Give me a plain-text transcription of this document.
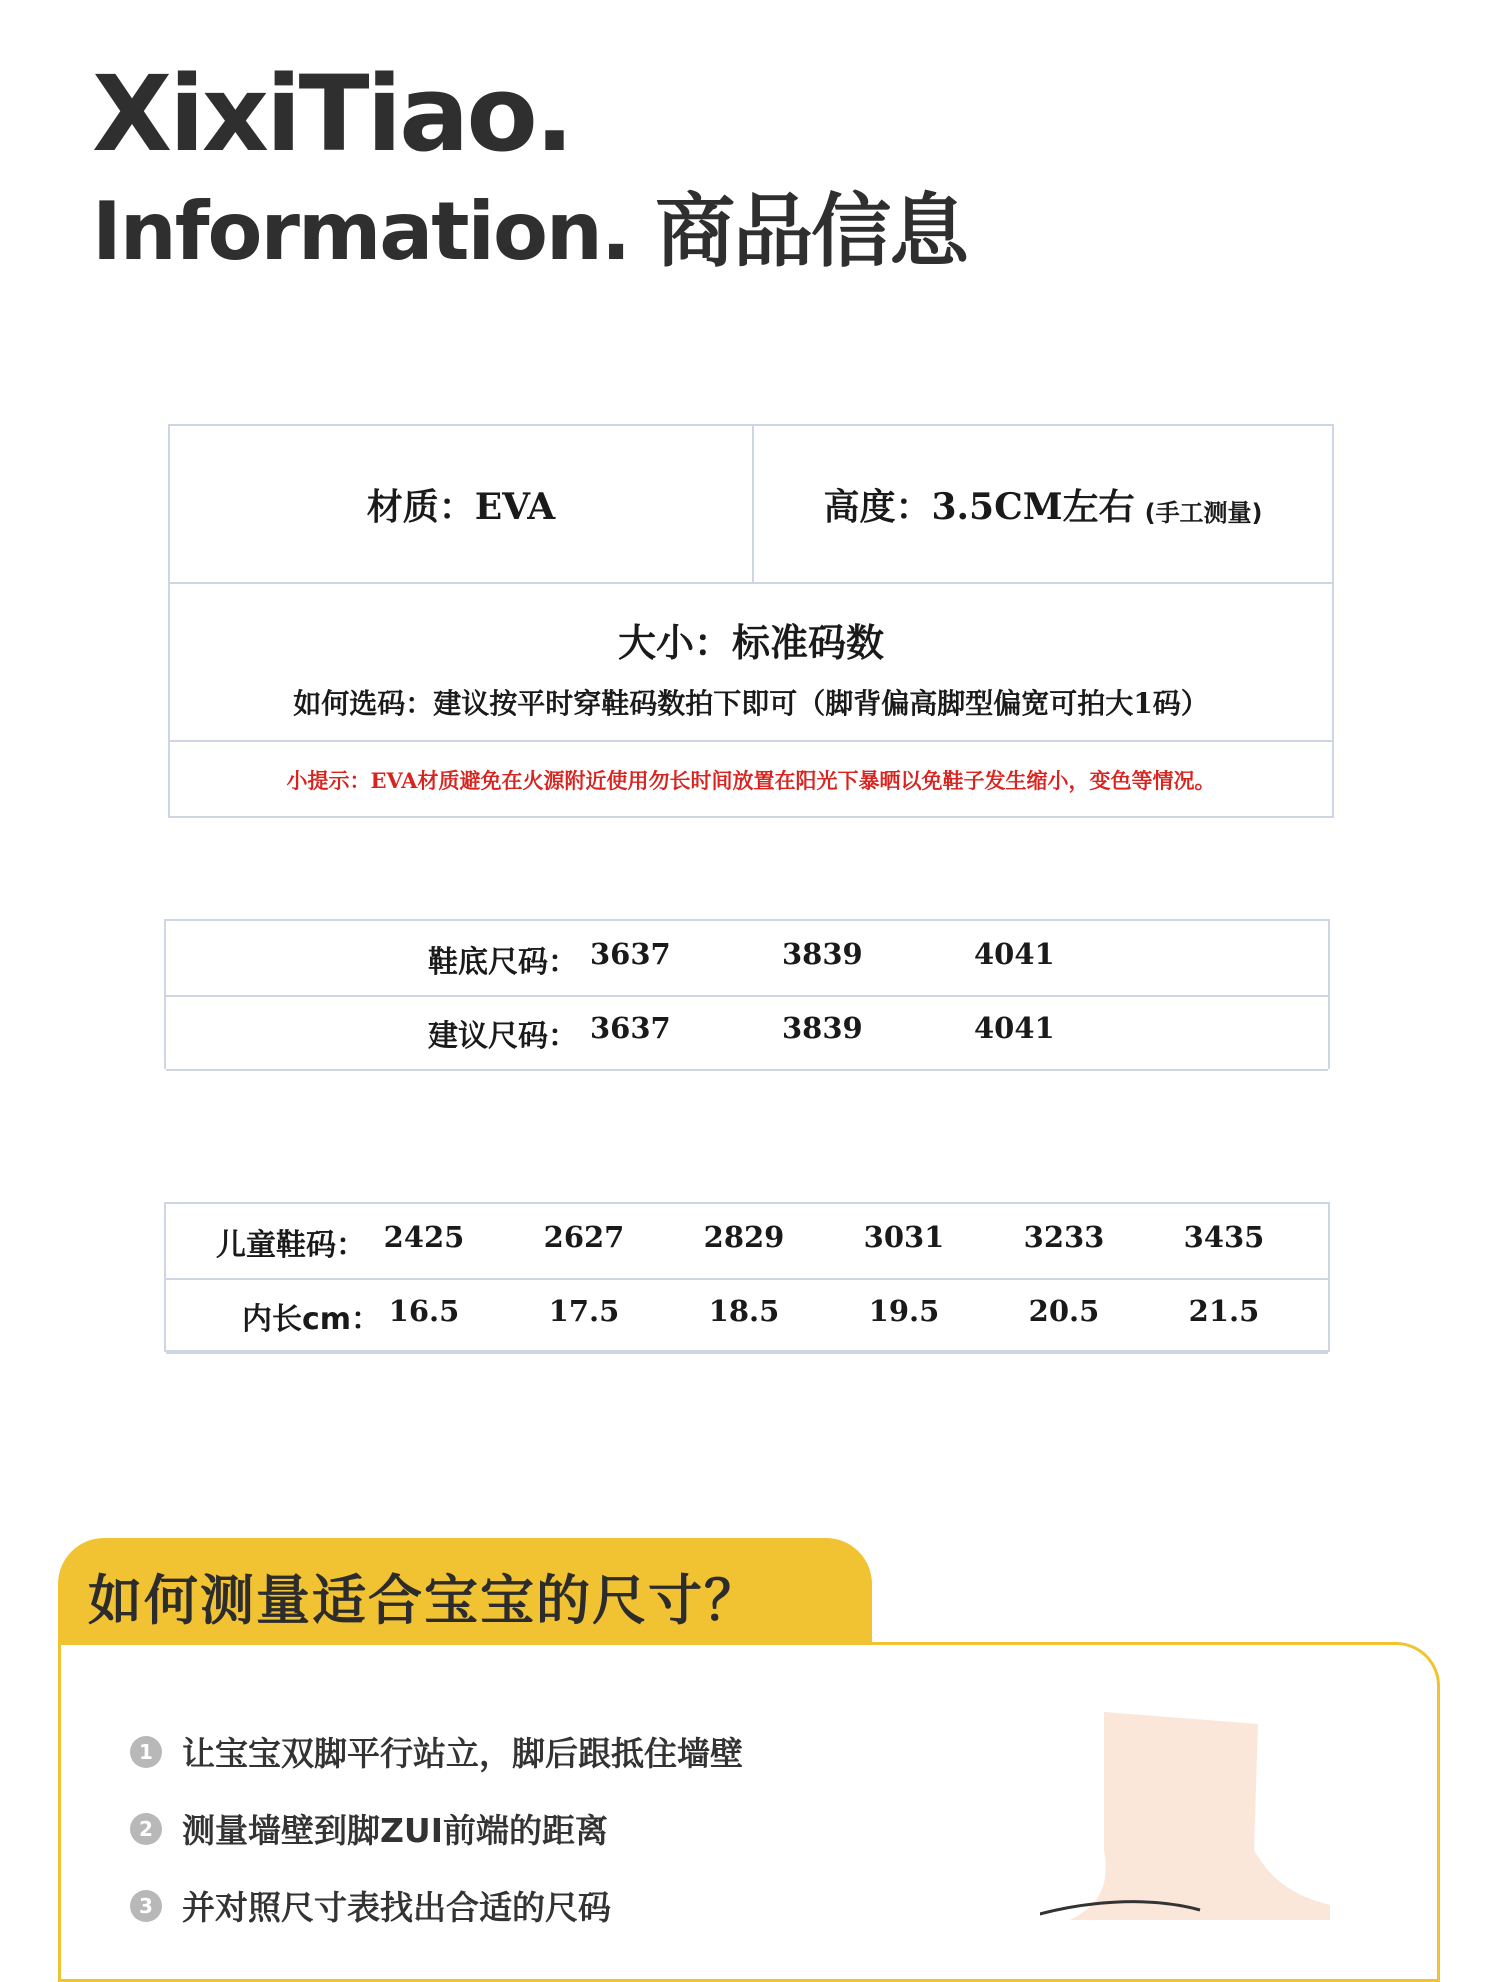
XixiTiao.
Information. 商品信息
材质：EVA	高度：3.5CM左右 (手工测量)
大小：标准码数
如何选码：建议按平时穿鞋码数拍下即可（脚背偏高脚型偏宽可拍大1码）
小提示：EVA材质避免在火源附近使用勿长时间放置在阳光下暴晒以免鞋子发生缩小，变色等情况。
鞋底尺码： 3637	3839	4041
建议尺码： 3637	3839	4041
儿童鞋码： 2425	2627	2829	3031	3233	3435
内长cm： 16.5	17.5	18.5	19.5	20.5	21.5
如何测量适合宝宝的尺寸？
1 让宝宝双脚平行站立，脚后跟抵住墙壁
2 测量墙壁到脚ZUI前端的距离
3 并对照尺寸表找出合适的尺码
